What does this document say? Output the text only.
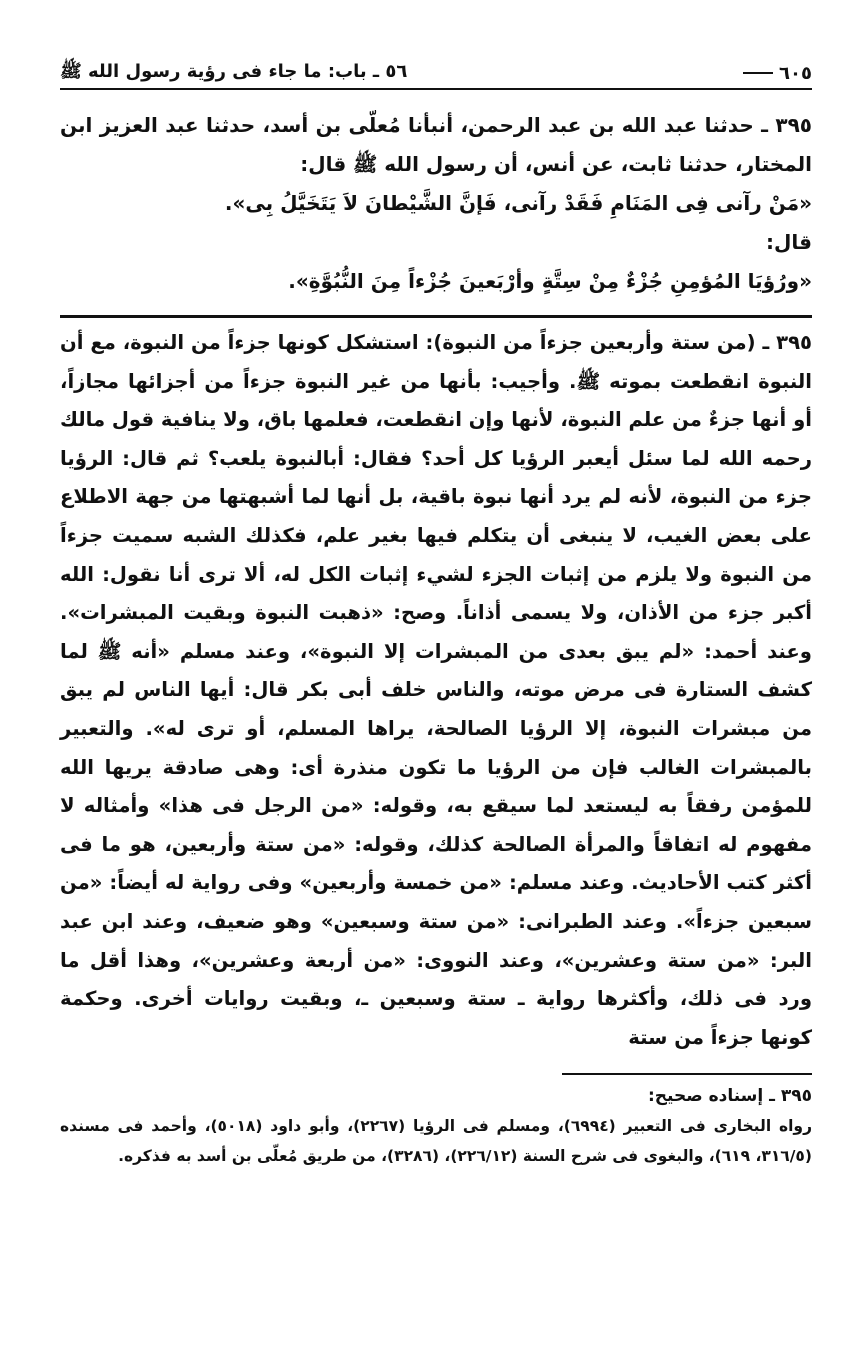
٥٦ ـ باب: ما جاء فى رؤية رسول الله ﷺ	٦٠٥

٣٩٥ ـ حدثنا عبد الله بن عبد الرحمن، أنبأنا مُعلّى بن أسد، حدثنا عبد العزيز ابن المختار، حدثنا ثابت، عن أنس، أن رسول الله ﷺ قال:

«مَنْ رآنى فِى المَنَامِ فَقَدْ رآنى، فَإنَّ الشَّيْطانَ لاَ يَتَخَيَّلُ بِى».

قال:

«ورُؤيَا المُؤمِنِ جُزْءٌ مِنْ سِتَّةٍ وأرْبَعينَ جُزْءاً مِنَ النُّبُوَّةِ».

٣٩٥ ـ (من ستة وأربعين جزءاً من النبوة): استشكل كونها جزءاً من النبوة، مع أن النبوة انقطعت بموته ﷺ. وأجيب: بأنها من غير النبوة جزءاً من أجزائها مجازاً، أو أنها جزءٌ من علم النبوة، لأنها وإن انقطعت، فعلمها باق، ولا ينافية قول مالك رحمه الله لما سئل أيعبر الرؤيا كل أحد؟ فقال: أبالنبوة يلعب؟ ثم قال: الرؤيا جزء من النبوة، لأنه لم يرد أنها نبوة باقية، بل أنها لما أشبهتها من جهة الاطلاع على بعض الغيب، لا ينبغى أن يتكلم فيها بغير علم، فكذلك الشبه سميت جزءاً من النبوة ولا يلزم من إثبات الجزء لشيء إثبات الكل له، ألا ترى أنا نقول: الله أكبر جزء من الأذان، ولا يسمى أذاناً. وصح: «ذهبت النبوة وبقيت المبشرات». وعند أحمد: «لم يبق بعدى من المبشرات إلا النبوة»، وعند مسلم «أنه ﷺ لما كشف الستارة فى مرض موته، والناس خلف أبى بكر قال: أيها الناس لم يبق من مبشرات النبوة، إلا الرؤيا الصالحة، يراها المسلم، أو ترى له». والتعبير بالمبشرات الغالب فإن من الرؤيا ما تكون منذرة أى: وهى صادقة يريها الله للمؤمن رفقاً به ليستعد لما سيقع به، وقوله: «من الرجل فى هذا» وأمثاله لا مفهوم له اتفاقاً والمرأة الصالحة كذلك، وقوله: «من ستة وأربعين، هو ما فى أكثر كتب الأحاديث. وعند مسلم: «من خمسة وأربعين» وفى رواية له أيضاً: «من سبعين جزءاً». وعند الطبرانى: «من ستة وسبعين» وهو ضعيف، وعند ابن عبد البر: «من ستة وعشرين»، وعند النووى: «من أربعة وعشرين»، وهذا أقل ما ورد فى ذلك، وأكثرها رواية ـ ستة وسبعين ـ، وبقيت روايات أخرى. وحكمة كونها جزءاً من ستة

٣٩٥ ـ إسناده صحيح:

رواه البخارى فى التعبير (٦٩٩٤)، ومسلم فى الرؤيا (٢٢٦٧)، وأبو داود (٥٠١٨)، وأحمد فى مسنده (٣١٦/٥، ٦١٩)، والبغوى فى شرح السنة (٢٢٦/١٢)، (٣٢٨٦)، من طريق مُعلّى بن أسد به فذكره.
